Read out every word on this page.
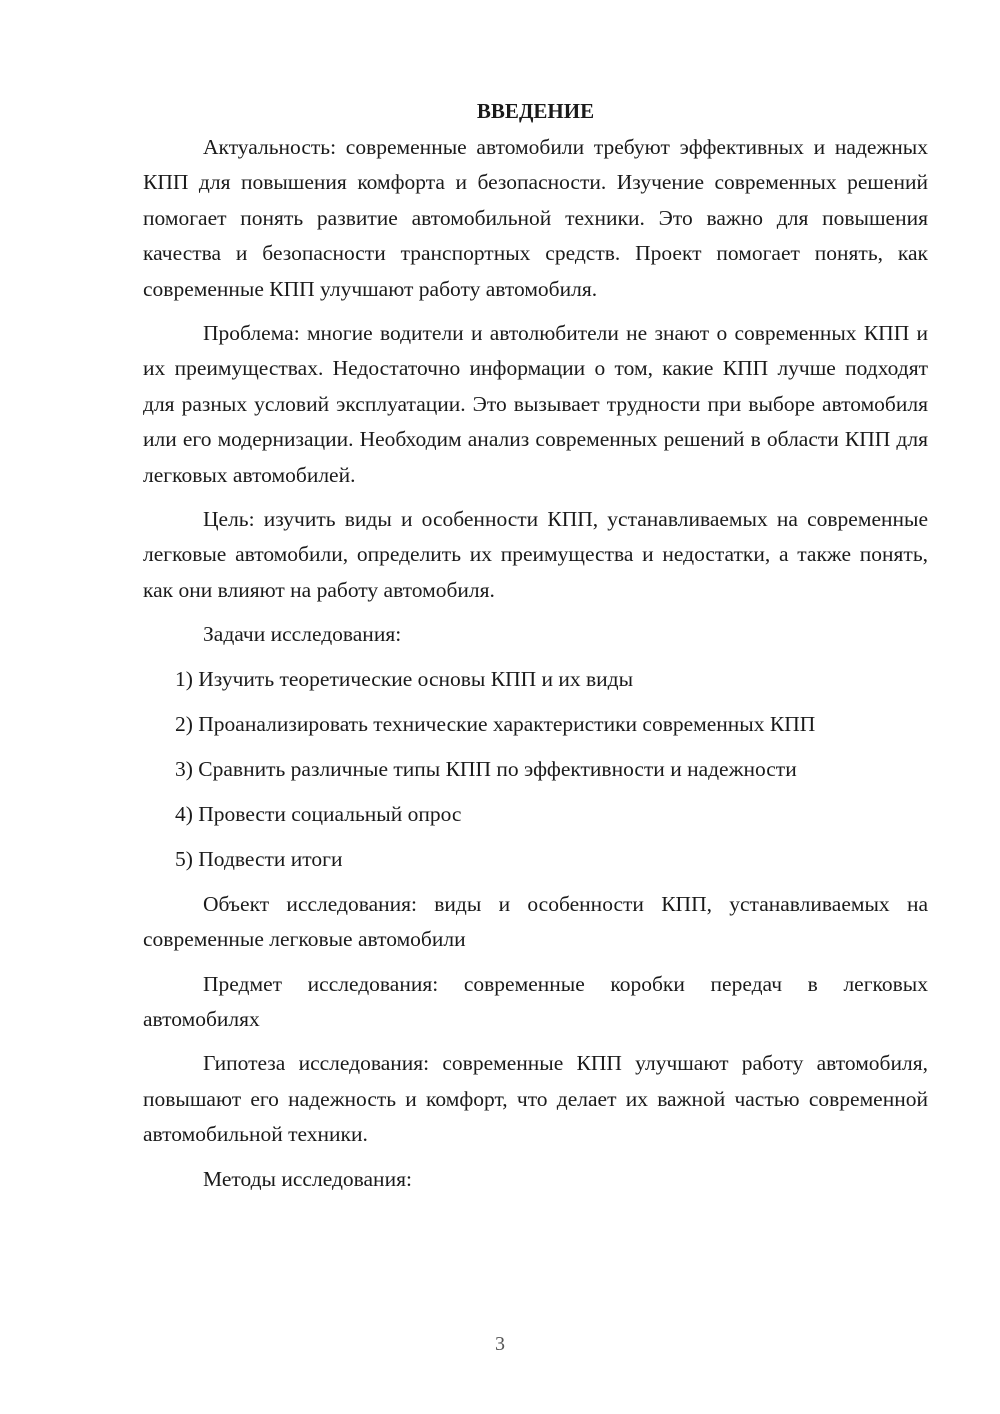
ВВЕДЕНИЕ

Актуальность: современные автомобили требуют эффективных и надежных КПП для повышения комфорта и безопасности. Изучение современных решений помогает понять развитие автомобильной техники. Это важно для повышения качества и безопасности транспортных средств. Проект помогает понять, как современные КПП улучшают работу автомобиля.

Проблема: многие водители и автолюбители не знают о современных КПП и их преимуществах. Недостаточно информации о том, какие КПП лучше подходят для разных условий эксплуатации. Это вызывает трудности при выборе автомобиля или его модернизации. Необходим анализ современных решений в области КПП для легковых автомобилей.

Цель: изучить виды и особенности КПП, устанавливаемых на современные легковые автомобили, определить их преимущества и недостатки, а также понять, как они влияют на работу автомобиля.

Задачи исследования:

1) Изучить теоретические основы КПП и их виды
2) Проанализировать технические характеристики современных КПП
3) Сравнить различные типы КПП по эффективности и надежности
4) Провести социальный опрос
5) Подвести итоги

Объект исследования: виды и особенности КПП, устанавливаемых на современные легковые автомобили

Предмет исследования: современные коробки передач в легковых автомобилях

Гипотеза исследования: современные КПП улучшают работу автомобиля, повышают его надежность и комфорт, что делает их важной частью современной автомобильной техники.

Методы исследования:

3
